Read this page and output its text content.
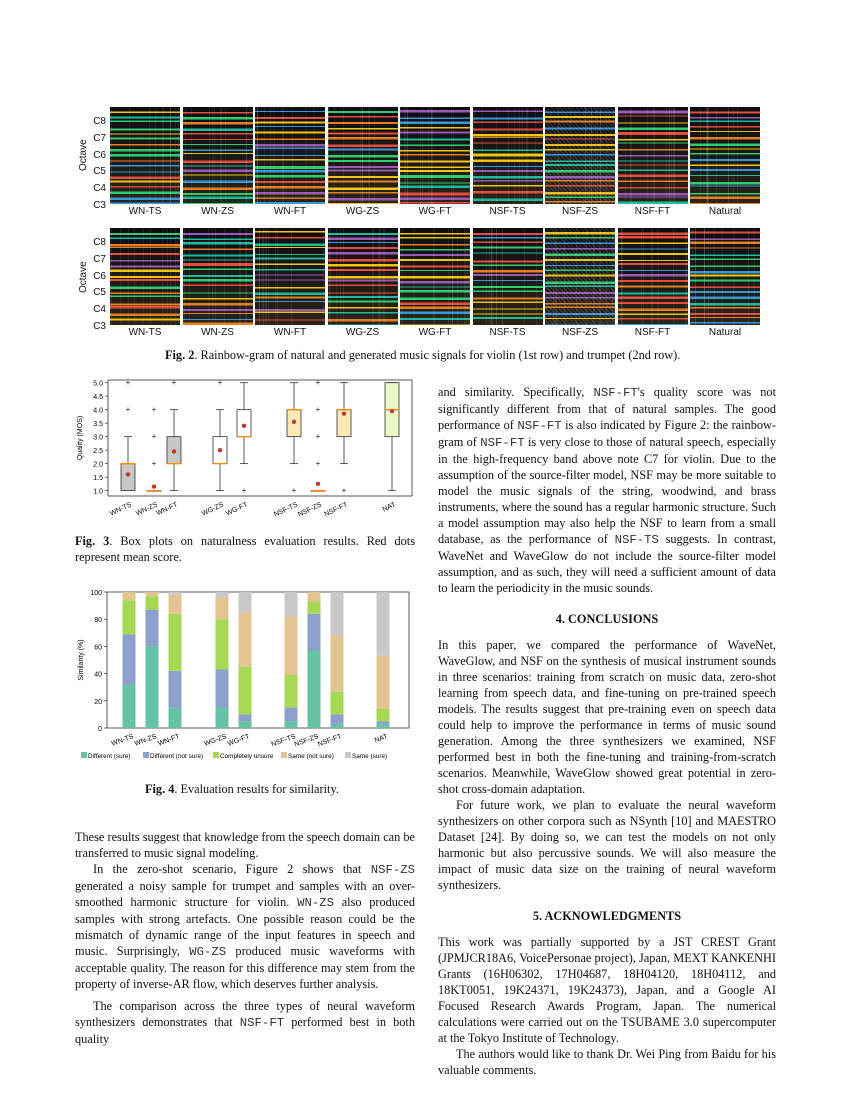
WN-TS	WN-ZS	WN-FT	WG-ZS	WG-FT	NSF-TS	NSF-ZS	NSF-FT	Natural
WN-TS	WN-ZS	WN-FT	WG-ZS	WG-FT	NSF-TS	NSF-ZS	NSF-FT	Natural
Octave
Octave
C8
C7
C6
C5
C4
C3
C8
C7
C6
C5
C4
C3

Fig. 2. Rainbow-gram of natural and generated music signals for violin (1st row) and trumpet (2nd row).

1.0
1.5
2.0
2.5
3.0
3.5
4.0
4.5
5.0
Quality (MOS)
+
+
WN-TS
+
+
+
WN-ZS
+
WN-FT
+
WG-ZS
+
WG-FT
+
NSF-TS
+
+
+
+
NSF-ZS
+
NSF-FT	NAT

Fig. 3. Box plots on naturalness evaluation results. Red dots represent mean score.

0
20
40
60
80
100
Similarity (%)
WN-TS WN-ZS WN-FT	WG-ZS WG-FT	NSF-TS
NSF-ZS
NSF-FT	NAT
Different (sure)	Different (not sure)	Completely unsure Same (not sure)	Same (sure)

Fig. 4. Evaluation results for similarity.

These results suggest that knowledge from the speech domain can be transferred to music signal modeling.

In the zero-shot scenario, Figure 2 shows that NSF-ZS generated a noisy sample for trumpet and samples with an over-smoothed harmonic structure for violin. WN-ZS also produced samples with strong artefacts. One possible reason could be the mismatch of dynamic range of the input features in speech and music. Surprisingly, WG-ZS produced music waveforms with acceptable quality. The reason for this difference may stem from the property of inverse-AR flow, which deserves further analysis.

The comparison across the three types of neural waveform synthesizers demonstrates that NSF-FT performed best in both quality

and similarity. Specifically, NSF-FT's quality score was not significantly different from that of natural samples. The good performance of NSF-FT is also indicated by Figure 2: the rainbow-gram of NSF-FT is very close to those of natural speech, especially in the high-frequency band above note C7 for violin. Due to the assumption of the source-filter model, NSF may be more suitable to model the music signals of the string, woodwind, and brass instruments, where the sound has a regular harmonic structure. Such a model assumption may also help the NSF to learn from a small database, as the performance of NSF-TS suggests. In contrast, WaveNet and WaveGlow do not include the source-filter model assumption, and as such, they will need a sufficient amount of data to learn the periodicity in the music sounds.

4. CONCLUSIONS

In this paper, we compared the performance of WaveNet, WaveGlow, and NSF on the synthesis of musical instrument sounds in three scenarios: training from scratch on music data, zero-shot learning from speech data, and fine-tuning on pre-trained speech models. The results suggest that pre-training even on speech data could help to improve the performance in terms of music sound generation. Among the three synthesizers we examined, NSF performed best in both the fine-tuning and training-from-scratch scenarios. Meanwhile, WaveGlow showed great potential in zero-shot cross-domain adaptation.

For future work, we plan to evaluate the neural waveform synthesizers on other corpora such as NSynth [10] and MAESTRO Dataset [24]. By doing so, we can test the models on not only harmonic but also percussive sounds. We will also measure the impact of music data size on the training of neural waveform synthesizers.

5. ACKNOWLEDGMENTS

This work was partially supported by a JST CREST Grant (JPMJCR18A6, VoicePersonae project), Japan, MEXT KANKENHI Grants (16H06302, 17H04687, 18H04120, 18H04112, and 18KT0051, 19K24371, 19K24373), Japan, and a Google AI Focused Research Awards Program, Japan. The numerical calculations were carried out on the TSUBAME 3.0 supercomputer at the Tokyo Institute of Technology.

The authors would like to thank Dr. Wei Ping from Baidu for his valuable comments.
